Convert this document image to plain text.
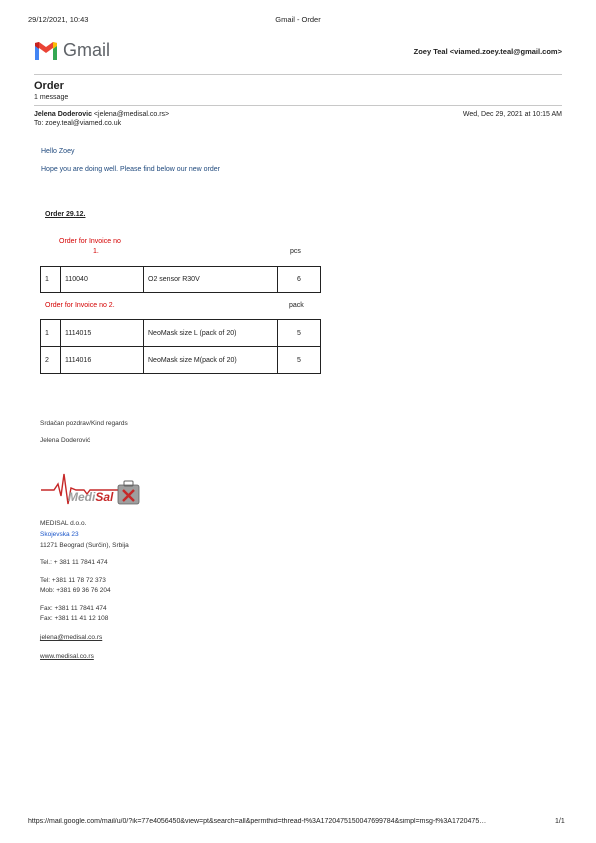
29/12/2021, 10:43	Gmail - Order
Gmail	Zoey Teal <viamed.zoey.teal@gmail.com>
Order
1 message
Jelena Doderovic <jelena@medisal.co.rs>
To: zoey.teal@viamed.co.uk
Wed, Dec 29, 2021 at 10:15 AM
Hello Zoey
Hope you are doing well. Please find below our new order
Order 29.12.
Order for Invoice no
1.	pcs
1	110040	O2 sensor R30V	6
Order for Invoice no 2.	pack
1	1114015	NeoMask size L (pack of 20)	5
2	1114016	NeoMask size M(pack of 20)	5
Srdačan pozdrav/Kind regards
Jelena Doderović
MediSal
MEDISAL d.o.o.
Skojevska 23
11271 Beograd (Surčin), Srbija
Tel.: + 381 11 7841 474
Tel: +381 11 78 72 373
Mob: +381 69 36 76 204
Fax: +381 11 7841 474
Fax: +381 11 41 12 108
jelena@medisal.co.rs
www.medisal.co.rs
https://mail.google.com/mail/u/0/?ik=77e4056450&view=pt&search=all&permthid=thread-f%3A1720475150047699784&simpl=msg-f%3A1720475…	1/1
